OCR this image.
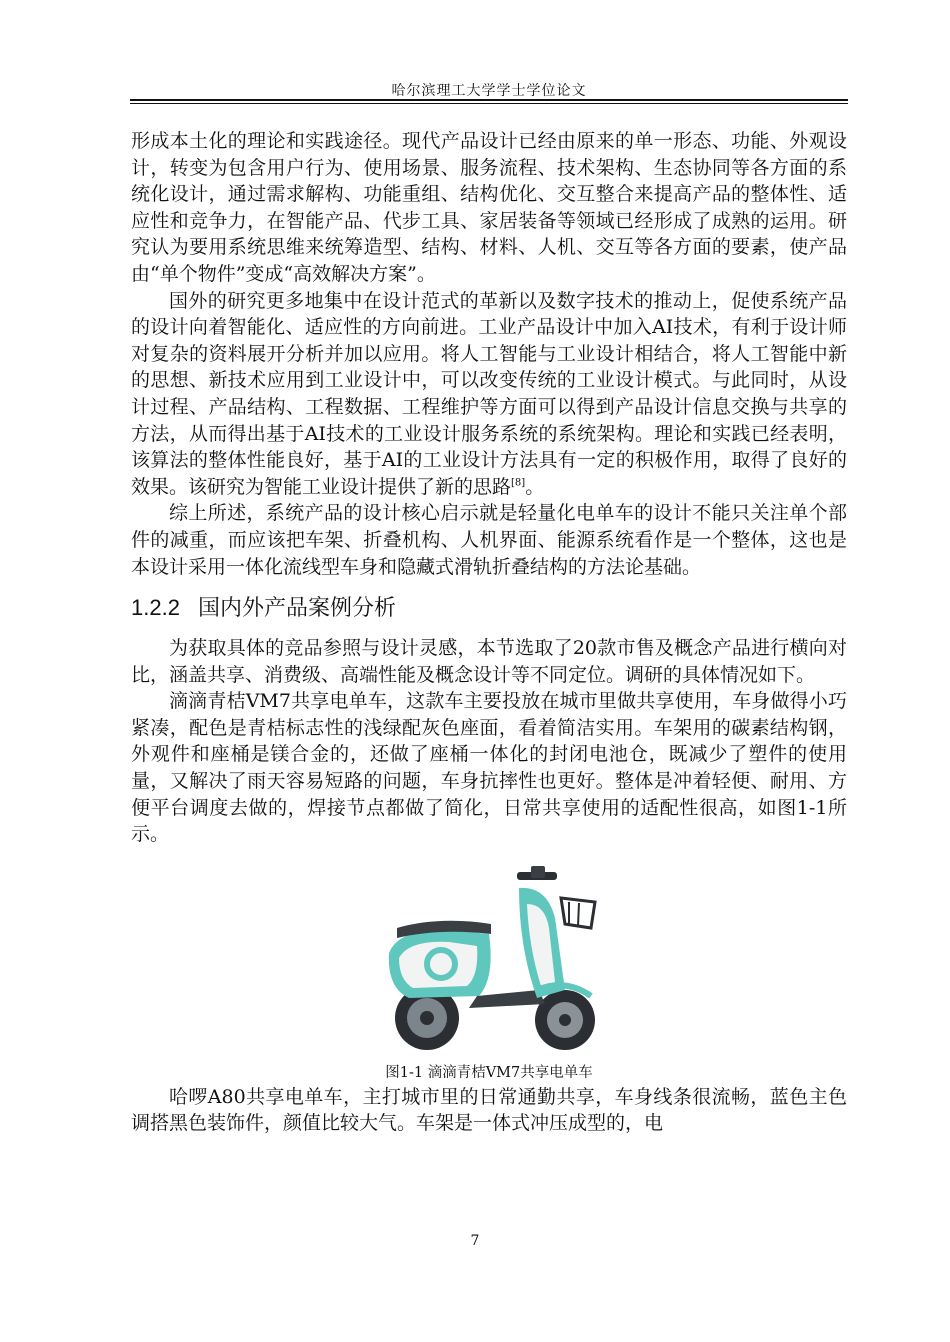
哈尔滨理工大学学士学位论文

形成本土化的理论和实践途径。现代产品设计已经由原来的单一形态、功能、外观设计，转变为包含用户行为、使用场景、服务流程、技术架构、生态协同等各方面的系统化设计，通过需求解构、功能重组、结构优化、交互整合来提高产品的整体性、适应性和竞争力，在智能产品、代步工具、家居装备等领域已经形成了成熟的运用。研究认为要用系统思维来统筹造型、结构、材料、人机、交互等各方面的要素，使产品由“单个物件”变成“高效解决方案”。

国外的研究更多地集中在设计范式的革新以及数字技术的推动上，促使系统产品的设计向着智能化、适应性的方向前进。工业产品设计中加入AI技术，有利于设计师对复杂的资料展开分析并加以应用。将人工智能与工业设计相结合，将人工智能中新的思想、新技术应用到工业设计中，可以改变传统的工业设计模式。与此同时，从设计过程、产品结构、工程数据、工程维护等方面可以得到产品设计信息交换与共享的方法，从而得出基于AI技术的工业设计服务系统的系统架构。理论和实践已经表明，该算法的整体性能良好，基于AI的工业设计方法具有一定的积极作用，取得了良好的效果。该研究为智能工业设计提供了新的思路[8]。

综上所述，系统产品的设计核心启示就是轻量化电单车的设计不能只关注单个部件的减重，而应该把车架、折叠机构、人机界面、能源系统看作是一个整体，这也是本设计采用一体化流线型车身和隐藏式滑轨折叠结构的方法论基础。

1.2.2 国内外产品案例分析

为获取具体的竞品参照与设计灵感，本节选取了20款市售及概念产品进行横向对比，涵盖共享、消费级、高端性能及概念设计等不同定位。调研的具体情况如下。

滴滴青桔VM7共享电单车，这款车主要投放在城市里做共享使用，车身做得小巧紧凑，配色是青桔标志性的浅绿配灰色座面，看着简洁实用。车架用的碳素结构钢，外观件和座桶是镁合金的，还做了座桶一体化的封闭电池仓，既减少了塑件的使用量，又解决了雨天容易短路的问题，车身抗摔性也更好。整体是冲着轻便、耐用、方便平台调度去做的，焊接节点都做了简化，日常共享使用的适配性很高，如图1-1所示。

图1-1 滴滴青桔VM7共享电单车

哈啰A80共享电单车，主打城市里的日常通勤共享，车身线条很流畅，蓝色主色调搭黑色装饰件，颜值比较大气。车架是一体式冲压成型的，电

7
